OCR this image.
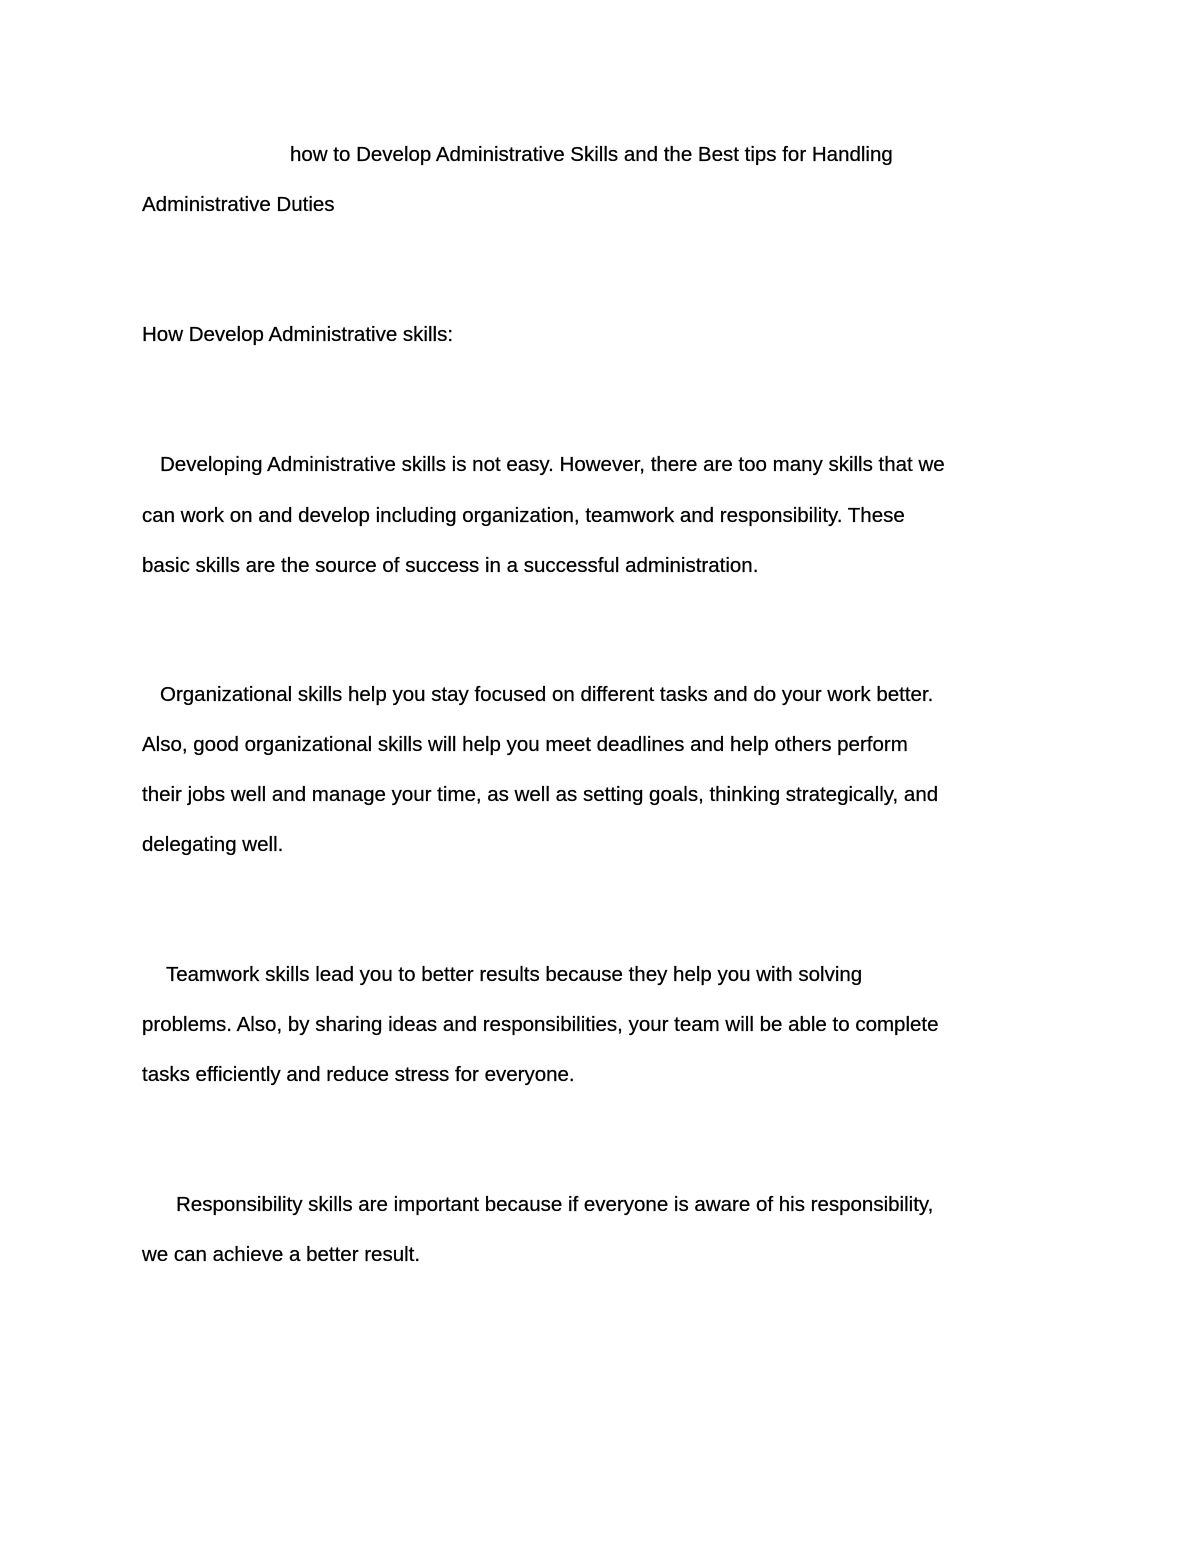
how to Develop Administrative Skills and the Best tips for Handling

Administrative Duties

How Develop Administrative skills:

Developing Administrative skills is not easy. However, there are too many skills that we

can work on and develop including organization, teamwork and responsibility. These

basic skills are the source of success in a successful administration.

Organizational skills help you stay focused on different tasks and do your work better.

Also, good organizational skills will help you meet deadlines and help others perform

their jobs well and manage your time, as well as setting goals, thinking strategically, and

delegating well.

Teamwork skills lead you to better results because they help you with solving

problems. Also, by sharing ideas and responsibilities, your team will be able to complete

tasks efficiently and reduce stress for everyone.

Responsibility skills are important because if everyone is aware of his responsibility,

we can achieve a better result.
